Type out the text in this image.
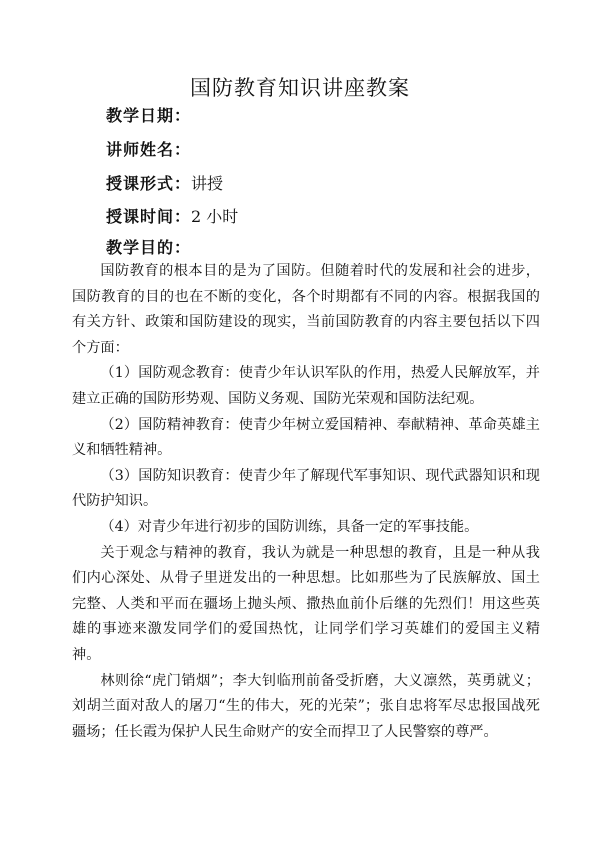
国防教育知识讲座教案
教学日期：
讲师姓名：
授课形式：讲授
授课时间：2 小时
教学目的：

国防教育的根本目的是为了国防。但随着时代的发展和社会的进步，国防教育的目的也在不断的变化，各个时期都有不同的内容。根据我国的有关方针、政策和国防建设的现实，当前国防教育的内容主要包括以下四个方面：

（1）国防观念教育：使青少年认识军队的作用，热爱人民解放军，并建立正确的国防形势观、国防义务观、国防光荣观和国防法纪观。

（2）国防精神教育：使青少年树立爱国精神、奉献精神、革命英雄主义和牺牲精神。

（3）国防知识教育：使青少年了解现代军事知识、现代武器知识和现代防护知识。

（4）对青少年进行初步的国防训练，具备一定的军事技能。

关于观念与精神的教育，我认为就是一种思想的教育，且是一种从我们内心深处、从骨子里迸发出的一种思想。比如那些为了民族解放、国土完整、人类和平而在疆场上抛头颅、撒热血前仆后继的先烈们！用这些英雄的事迹来激发同学们的爱国热忱，让同学们学习英雄们的爱国主义精神。

林则徐“虎门销烟”；李大钊临刑前备受折磨，大义凛然，英勇就义；刘胡兰面对敌人的屠刀“生的伟大，死的光荣”；张自忠将军尽忠报国战死疆场；任长霞为保护人民生命财产的安全而捍卫了人民警察的尊严。
